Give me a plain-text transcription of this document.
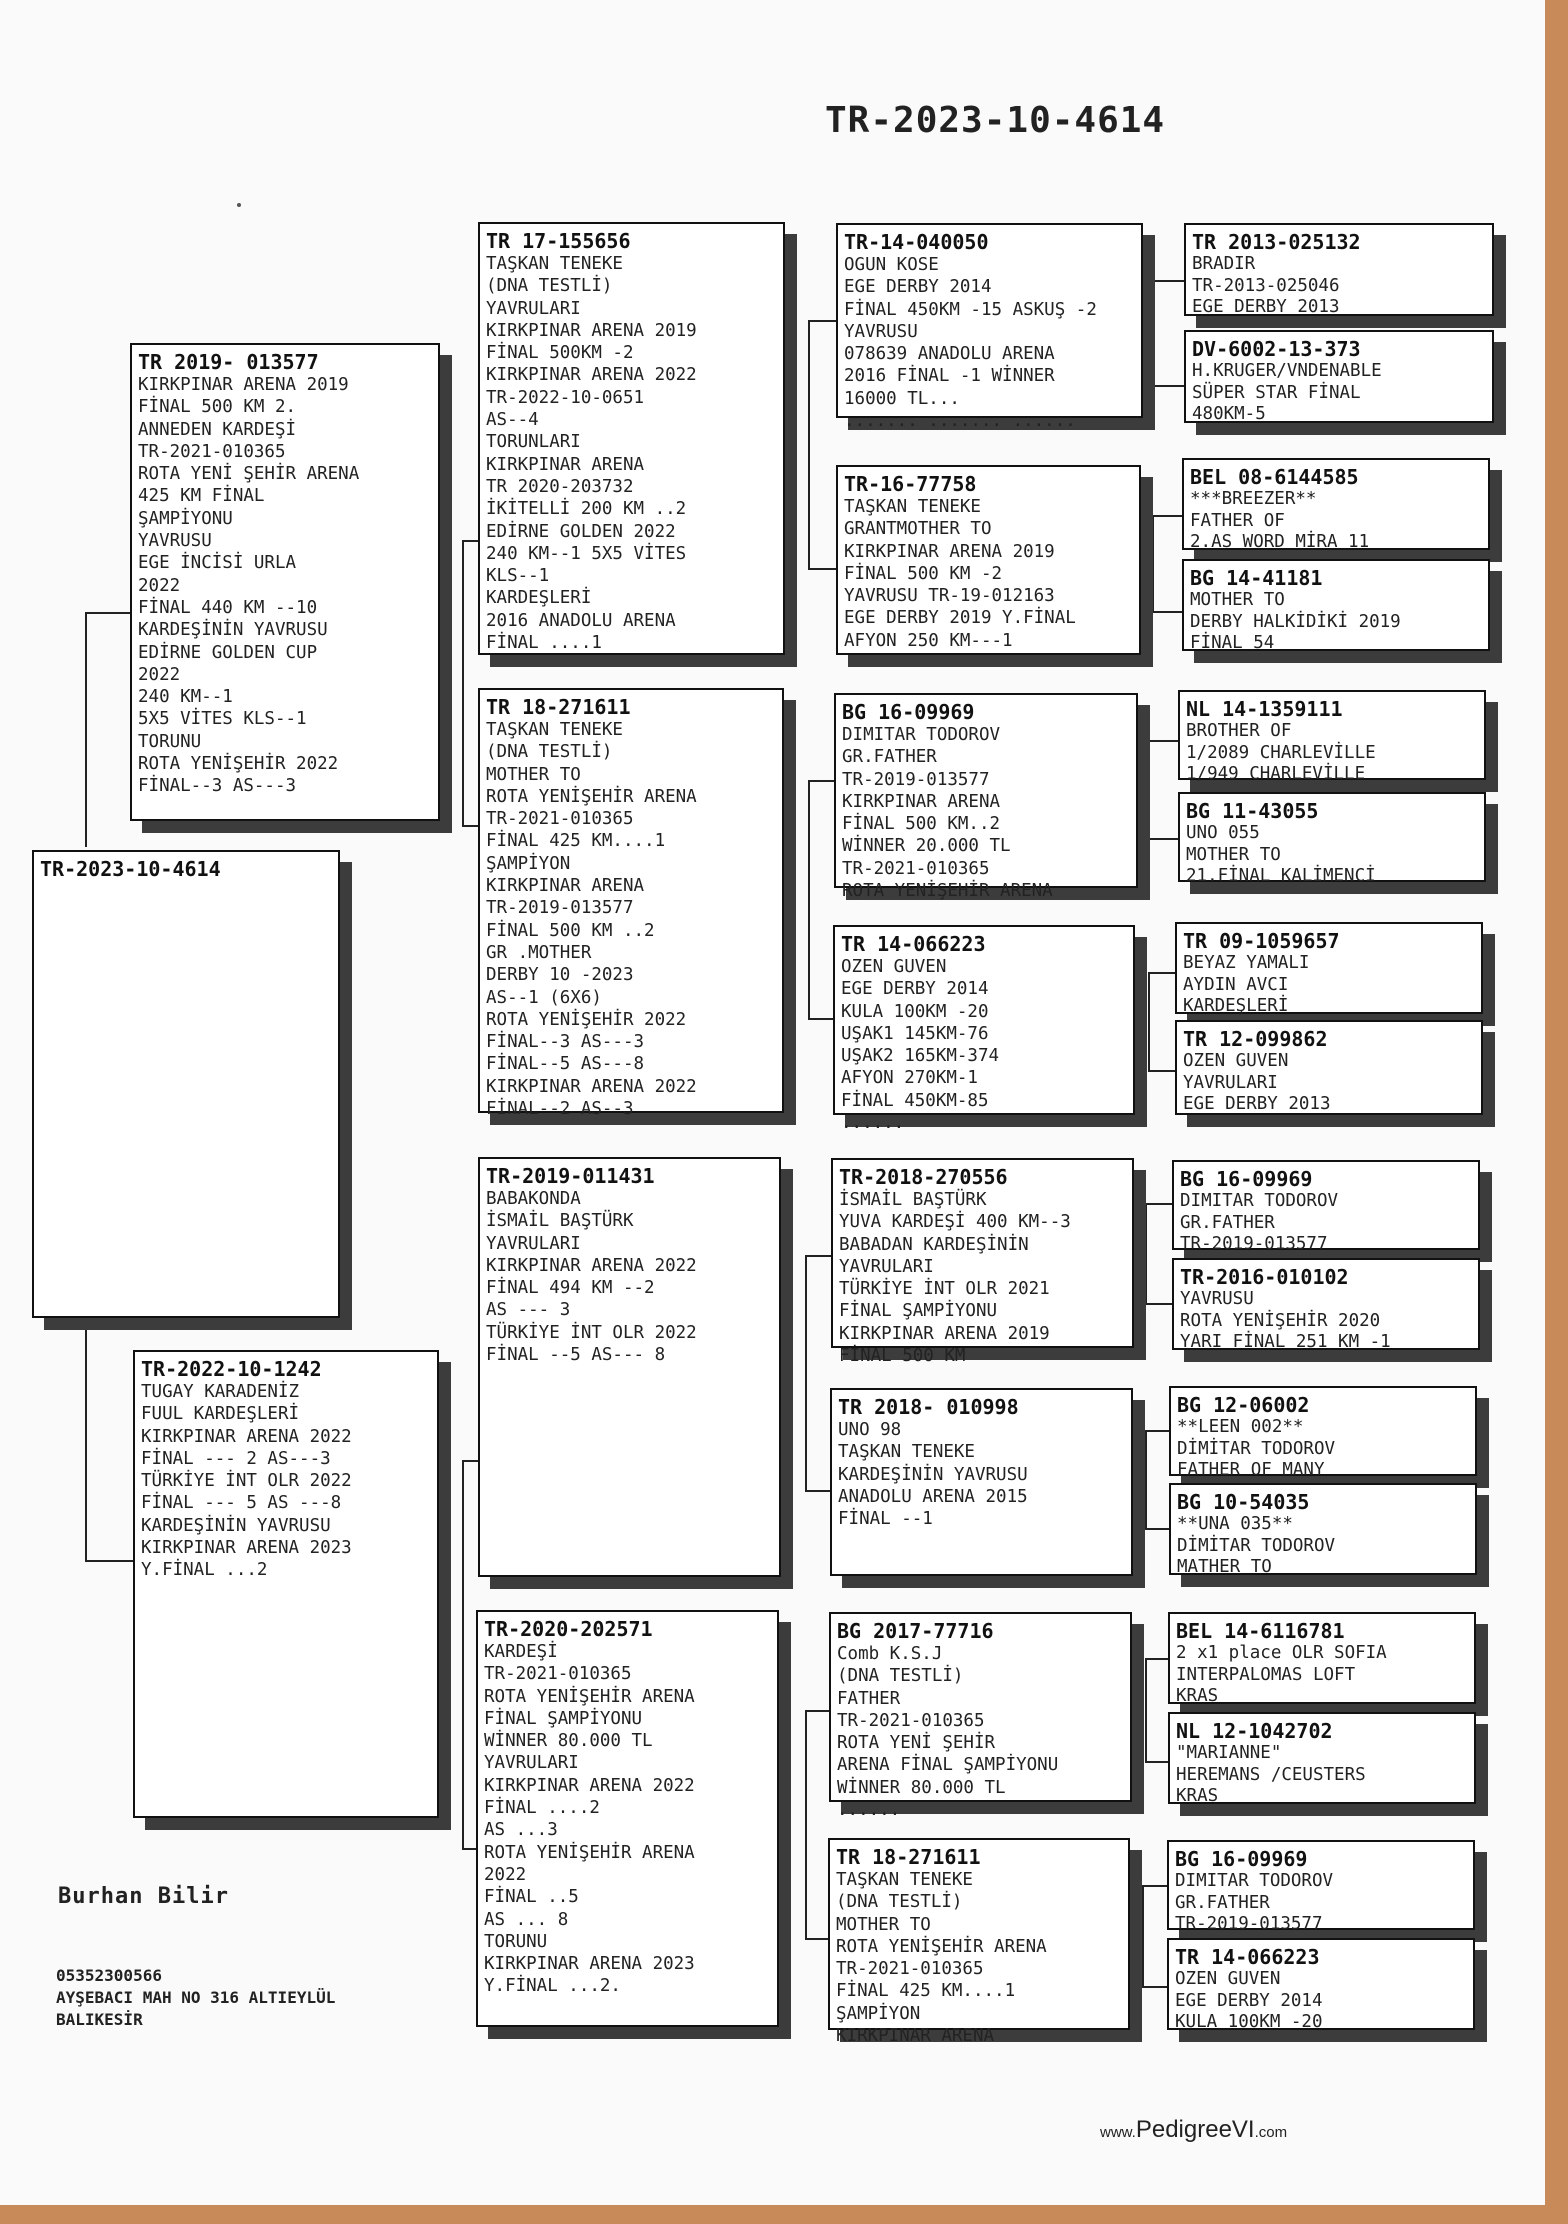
TR-2023-10-4614
TR-2023-10-4614
TR 2019- 013577
KIRKPINAR ARENA 2019
FİNAL 500 KM 2.
ANNEDEN KARDEŞİ
TR-2021-010365
ROTA YENİ ŞEHİR ARENA
425 KM FİNAL
ŞAMPİYONU
YAVRUSU
EGE İNCİSİ URLA
2022
FİNAL 440 KM --10
KARDEŞİNİN YAVRUSU
EDİRNE GOLDEN CUP
2022
240 KM--1
5X5 VİTES KLS--1
TORUNU
ROTA YENİŞEHİR 2022
FİNAL--3 AS---3
TR-2022-10-1242
TUGAY KARADENİZ
FUUL KARDEŞLERİ
KIRKPINAR ARENA 2022
FİNAL --- 2 AS---3
TÜRKİYE İNT OLR 2022
FİNAL --- 5 AS ---8
KARDEŞİNİN YAVRUSU
KIRKPINAR ARENA 2023
Y.FİNAL ...2
TR 17-155656
TAŞKAN TENEKE
(DNA TESTLİ)
YAVRULARI
KIRKPINAR ARENA 2019
FİNAL 500KM -2
KIRKPINAR ARENA 2022
TR-2022-10-0651
AS--4
TORUNLARI
KIRKPINAR ARENA
TR 2020-203732
İKİTELLİ 200 KM ..2
EDİRNE GOLDEN 2022
240 KM--1 5X5 VİTES
KLS--1
KARDEŞLERİ
2016 ANADOLU ARENA
FİNAL ....1
TR 18-271611
TAŞKAN TENEKE
(DNA TESTLİ)
MOTHER TO
ROTA YENİŞEHİR ARENA
TR-2021-010365
FİNAL 425 KM....1
ŞAMPİYON
KIRKPINAR ARENA
TR-2019-013577
FİNAL 500 KM ..2
GR .MOTHER
DERBY 10 -2023
AS--1 (6X6)
ROTA YENİŞEHİR 2022
FİNAL--3 AS---3
FİNAL--5 AS---8
KIRKPINAR ARENA 2022
FİNAL--2 AS--3
TR-2019-011431
BABAKONDA
İSMAİL BAŞTÜRK
YAVRULARI
KIRKPINAR ARENA 2022
FİNAL 494 KM --2
AS --- 3
TÜRKİYE İNT OLR 2022
FİNAL --5 AS--- 8
TR-2020-202571
KARDEŞİ
TR-2021-010365
ROTA YENİŞEHİR ARENA
FİNAL ŞAMPİYONU
WİNNER 80.000 TL
YAVRULARI
KIRKPINAR ARENA 2022
FİNAL ....2
AS ...3
ROTA YENİŞEHİR ARENA
2022
FİNAL ..5
AS ... 8
TORUNU
KIRKPINAR ARENA 2023
Y.FİNAL ...2.
TR-14-040050
OGUN KOSE
EGE DERBY 2014
FİNAL 450KM -15 ASKUŞ -2
YAVRUSU
078639 ANADOLU ARENA
2016 FİNAL -1 WİNNER
16000 TL...
....... ....... ......
TR-16-77758
TAŞKAN TENEKE
GRANTMOTHER TO
KIRKPINAR ARENA 2019
FİNAL 500 KM -2
YAVRUSU TR-19-012163
EGE DERBY 2019 Y.FİNAL
AFYON 250 KM---1
BG 16-09969
DIMITAR TODOROV
GR.FATHER
TR-2019-013577
KIRKPINAR ARENA
FİNAL 500 KM..2
WİNNER 20.000 TL
TR-2021-010365
ROTA YENİŞEHİR ARENA
TR 14-066223
OZEN GUVEN
EGE DERBY 2014
KULA 100KM -20
UŞAK1 145KM-76
UŞAK2 165KM-374
AFYON 270KM-1
FİNAL 450KM-85
......
TR-2018-270556
İSMAİL BAŞTÜRK
YUVA KARDEŞİ 400 KM--3
BABADAN KARDEŞİNİN
YAVRULARI
TÜRKİYE İNT OLR 2021
FİNAL ŞAMPİYONU
KIRKPINAR ARENA 2019
FİNAL 500 KM
TR 2018- 010998
UNO 98
TAŞKAN TENEKE
KARDEŞİNİN YAVRUSU
ANADOLU ARENA 2015
FİNAL --1
BG 2017-77716
Comb K.S.J
(DNA TESTLİ)
FATHER
TR-2021-010365
ROTA YENİ ŞEHİR
ARENA FİNAL ŞAMPİYONU
WİNNER 80.000 TL
......
TR 18-271611
TAŞKAN TENEKE
(DNA TESTLİ)
MOTHER TO
ROTA YENİŞEHİR ARENA
TR-2021-010365
FİNAL 425 KM....1
ŞAMPİYON
KIRKPINAR ARENA
TR 2013-025132
BRADIR
TR-2013-025046
EGE DERBY 2013
DV-6002-13-373
H.KRUGER/VNDENABLE
SÜPER STAR FİNAL
480KM-5
BEL 08-6144585
***BREEZER**
FATHER OF
2.AS WORD MİRA 11
BG 14-41181
MOTHER TO
DERBY HALKİDİKİ 2019
FİNAL 54
NL 14-1359111
BROTHER OF
1/2089 CHARLEVİLLE
1/949 CHARLEVİLLE
BG 11-43055
UNO 055
MOTHER TO
21.FİNAL KALİMENCİ
TR 09-1059657
BEYAZ YAMALI
AYDIN AVCI
KARDEŞLERİ
TR 12-099862
OZEN GUVEN
YAVRULARI
EGE DERBY 2013
BG 16-09969
DIMITAR TODOROV
GR.FATHER
TR-2019-013577
TR-2016-010102
YAVRUSU
ROTA YENİŞEHİR 2020
YARI FİNAL 251 KM -1
BG 12-06002
**LEEN 002**
DİMİTAR TODOROV
FATHER OF MANY
BG 10-54035
**UNA 035**
DİMİTAR TODOROV
MATHER TO
BEL 14-6116781
2 x1 place OLR SOFIA
INTERPALOMAS LOFT
KRAS
NL 12-1042702
"MARIANNE"
HEREMANS /CEUSTERS
KRAS
BG 16-09969
DIMITAR TODOROV
GR.FATHER
TR-2019-013577
TR 14-066223
OZEN GUVEN
EGE DERBY 2014
KULA 100KM -20
Burhan Bilir
05352300566
AYŞEBACI MAH NO 316 ALTIEYLÜL
BALIKESİR
www.PedigreeVI.com
